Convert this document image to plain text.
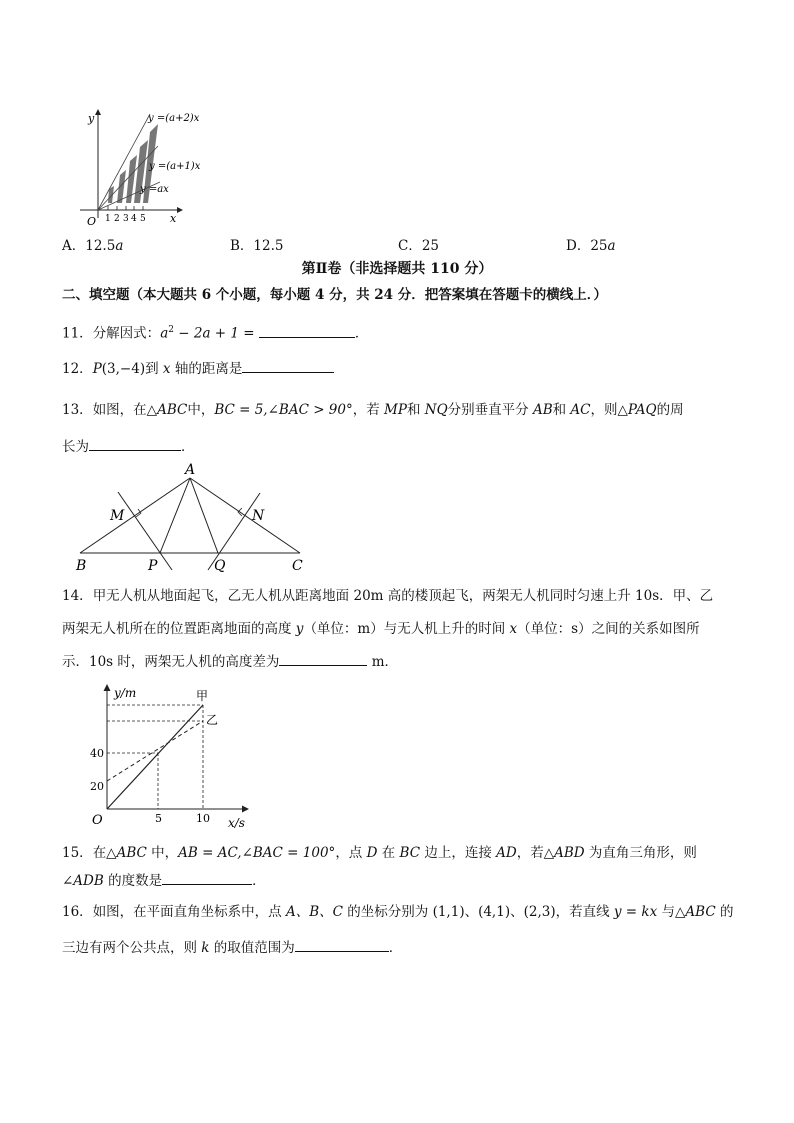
y	y =(a+2)x
y =(a+1)x
y =ax
O	x
1 2 3 4 5
A．12.5a	B．12.5	C．25	D．25a
第Ⅱ卷（非选择题共 110 分）
二、填空题（本大题共 6 个小题，每小题 4 分，共 24 分．把答案填在答题卡的横线上．）
11．分解因式：$a^2 - 2a + 1$ =	．
12．P(3,−4)到 x 轴的距离是
13．如图，在△ABC中，BC = 5,∠BAC > 90°，若 MP和 NQ分别垂直平分 AB和 AC，则△PAQ的周
长为	．
A
M	N
B	P	Q	C
14．甲无人机从地面起飞，乙无人机从距离地面 20m 高的楼顶起飞，两架无人机同时匀速上升 10s．甲、乙
两架无人机所在的位置距离地面的高度 y（单位：m）与无人机上升的时间 x（单位：s）之间的关系如图所
示．10s 时，两架无人机的高度差为	m．
y/m	甲
乙
40
20
O	5	10 x/s
15．在△ABC 中，AB = AC,∠BAC = 100°，点 D 在 BC 边上，连接 AD，若△ABD 为直角三角形，则
∠ADB 的度数是	．
16．如图，在平面直角坐标系中，点 A、B、C 的坐标分别为 (1,1)、(4,1)、(2,3)，若直线 y = kx 与△ABC 的
三边有两个公共点，则 k 的取值范围为	．
